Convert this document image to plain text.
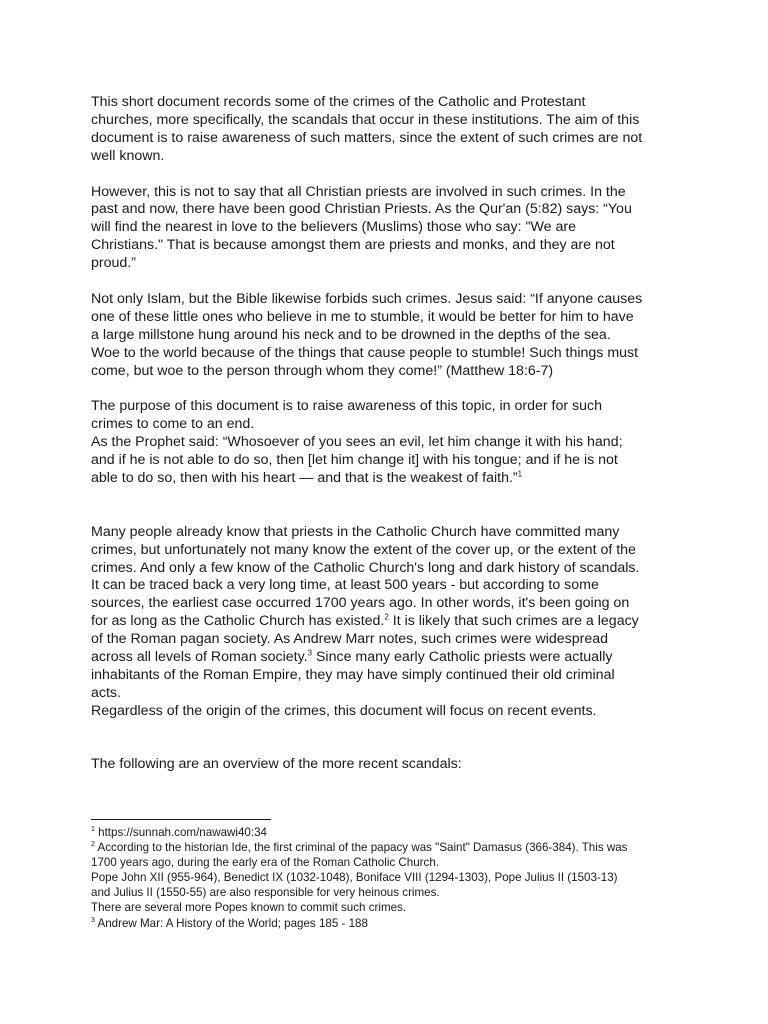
This short document records some of the crimes of the Catholic and Protestant
churches, more specifically, the scandals that occur in these institutions. The aim of this
document is to raise awareness of such matters, since the extent of such crimes are not
well known.

However, this is not to say that all Christian priests are involved in such crimes. In the
past and now, there have been good Christian Priests. As the Qur'an (5:82) says: “You
will find the nearest in love to the believers (Muslims) those who say: "We are
Christians." That is because amongst them are priests and monks, and they are not
proud.”

Not only Islam, but the Bible likewise forbids such crimes. Jesus said: “If anyone causes
one of these little ones who believe in me to stumble, it would be better for him to have
a large millstone hung around his neck and to be drowned in the depths of the sea.
Woe to the world because of the things that cause people to stumble! Such things must
come, but woe to the person through whom they come!” (Matthew 18:6-7)

The purpose of this document is to raise awareness of this topic, in order for such
crimes to come to an end.
As the Prophet said: “Whosoever of you sees an evil, let him change it with his hand;
and if he is not able to do so, then [let him change it] with his tongue; and if he is not
able to do so, then with his heart — and that is the weakest of faith.”$^1$

Many people already know that priests in the Catholic Church have committed many
crimes, but unfortunately not many know the extent of the cover up, or the extent of the
crimes. And only a few know of the Catholic Church's long and dark history of scandals.
It can be traced back a very long time, at least 500 years - but according to some
sources, the earliest case occurred 1700 years ago. In other words, it's been going on
for as long as the Catholic Church has existed.$^2$ It is likely that such crimes are a legacy
of the Roman pagan society. As Andrew Marr notes, such crimes were widespread
across all levels of Roman society.$^3$ Since many early Catholic priests were actually
inhabitants of the Roman Empire, they may have simply continued their old criminal
acts.
Regardless of the origin of the crimes, this document will focus on recent events.

The following are an overview of the more recent scandals:

$^1$ https://sunnah.com/nawawi40:34

$^2$ According to the historian Ide, the first criminal of the papacy was "Saint" Damasus (366-384). This was

1700 years ago, during the early era of the Roman Catholic Church.

Pope John XII (955-964), Benedict IX (1032-1048), Boniface VIII (1294-1303), Pope Julius II (1503-13)

and Julius II (1550-55) are also responsible for very heinous crimes.

There are several more Popes known to commit such crimes.

$^3$ Andrew Mar: A History of the World; pages 185 - 188
